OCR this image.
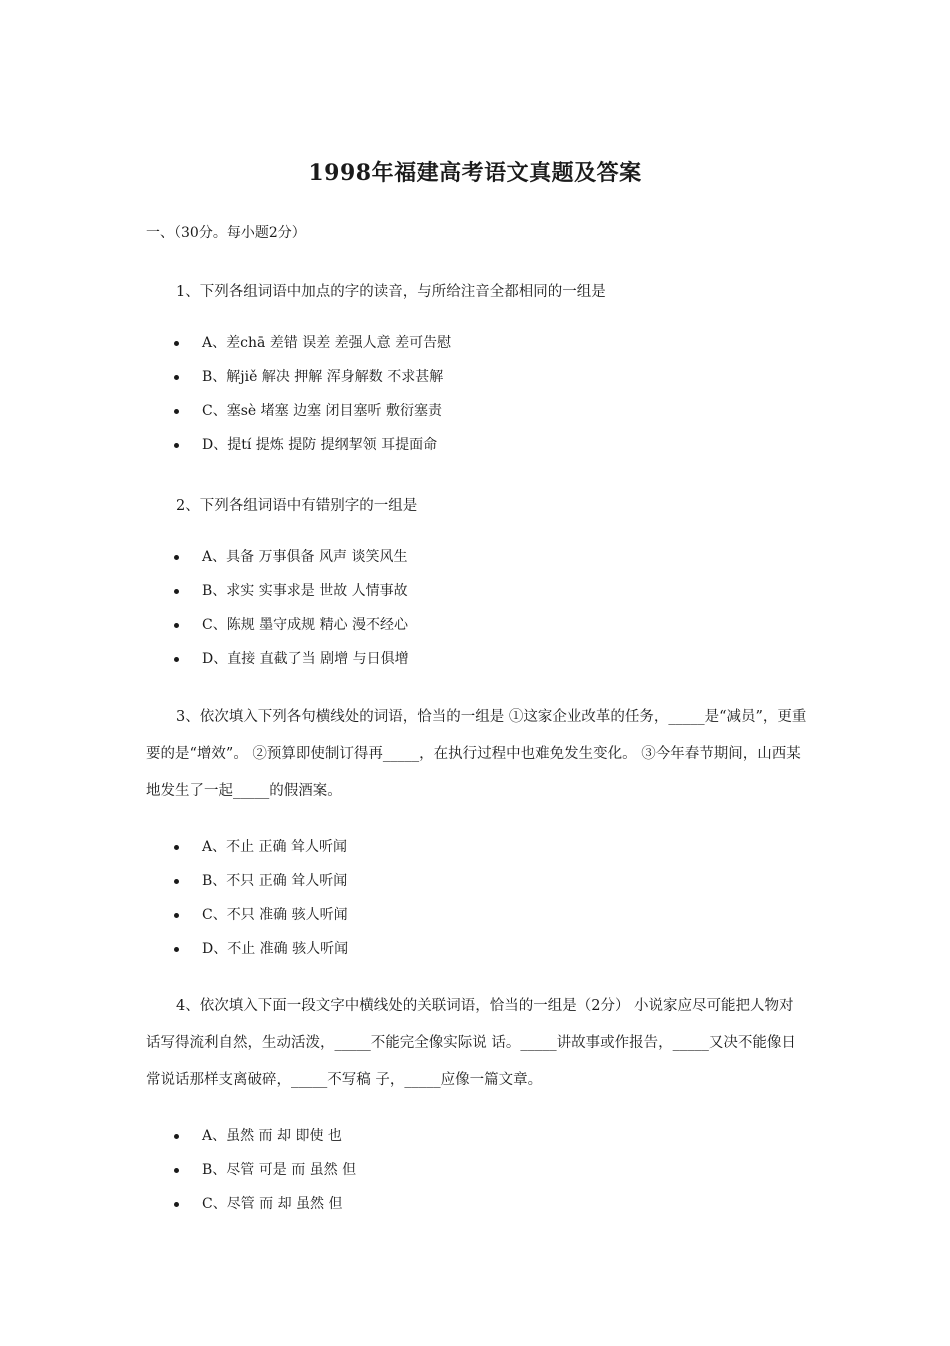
1998年福建高考语文真题及答案
一、（30分。每小题2分）
1、下列各组词语中加点的字的读音，与所给注音全都相同的一组是
A、差chā 差错 误差 差强人意 差可告慰
B、解jiě 解决 押解 浑身解数 不求甚解
C、塞sè 堵塞 边塞 闭目塞听 敷衍塞责
D、提tí 提炼 提防 提纲挈领 耳提面命
2、下列各组词语中有错别字的一组是
A、具备 万事俱备 风声 谈笑风生
B、求实 实事求是 世故 人情事故
C、陈规 墨守成规 精心 漫不经心
D、直接 直截了当 剧增 与日俱增
3、依次填入下列各句横线处的词语，恰当的一组是 ①这家企业改革的任务，_____是“减员”，更重要的是“增效”。 ②预算即使制订得再_____，在执行过程中也难免发生变化。 ③今年春节期间，山西某地发生了一起_____的假酒案。
A、不止 正确 耸人听闻
B、不只 正确 耸人听闻
C、不只 准确 骇人听闻
D、不止 准确 骇人听闻
4、依次填入下面一段文字中横线处的关联词语，恰当的一组是（2分） 小说家应尽可能把人物对话写得流利自然，生动活泼，_____不能完全像实际说 话。_____讲故事或作报告，_____又决不能像日常说话那样支离破碎，_____不写稿 子，_____应像一篇文章。
A、虽然 而 却 即使 也
B、尽管 可是 而 虽然 但
C、尽管 而 却 虽然 但
